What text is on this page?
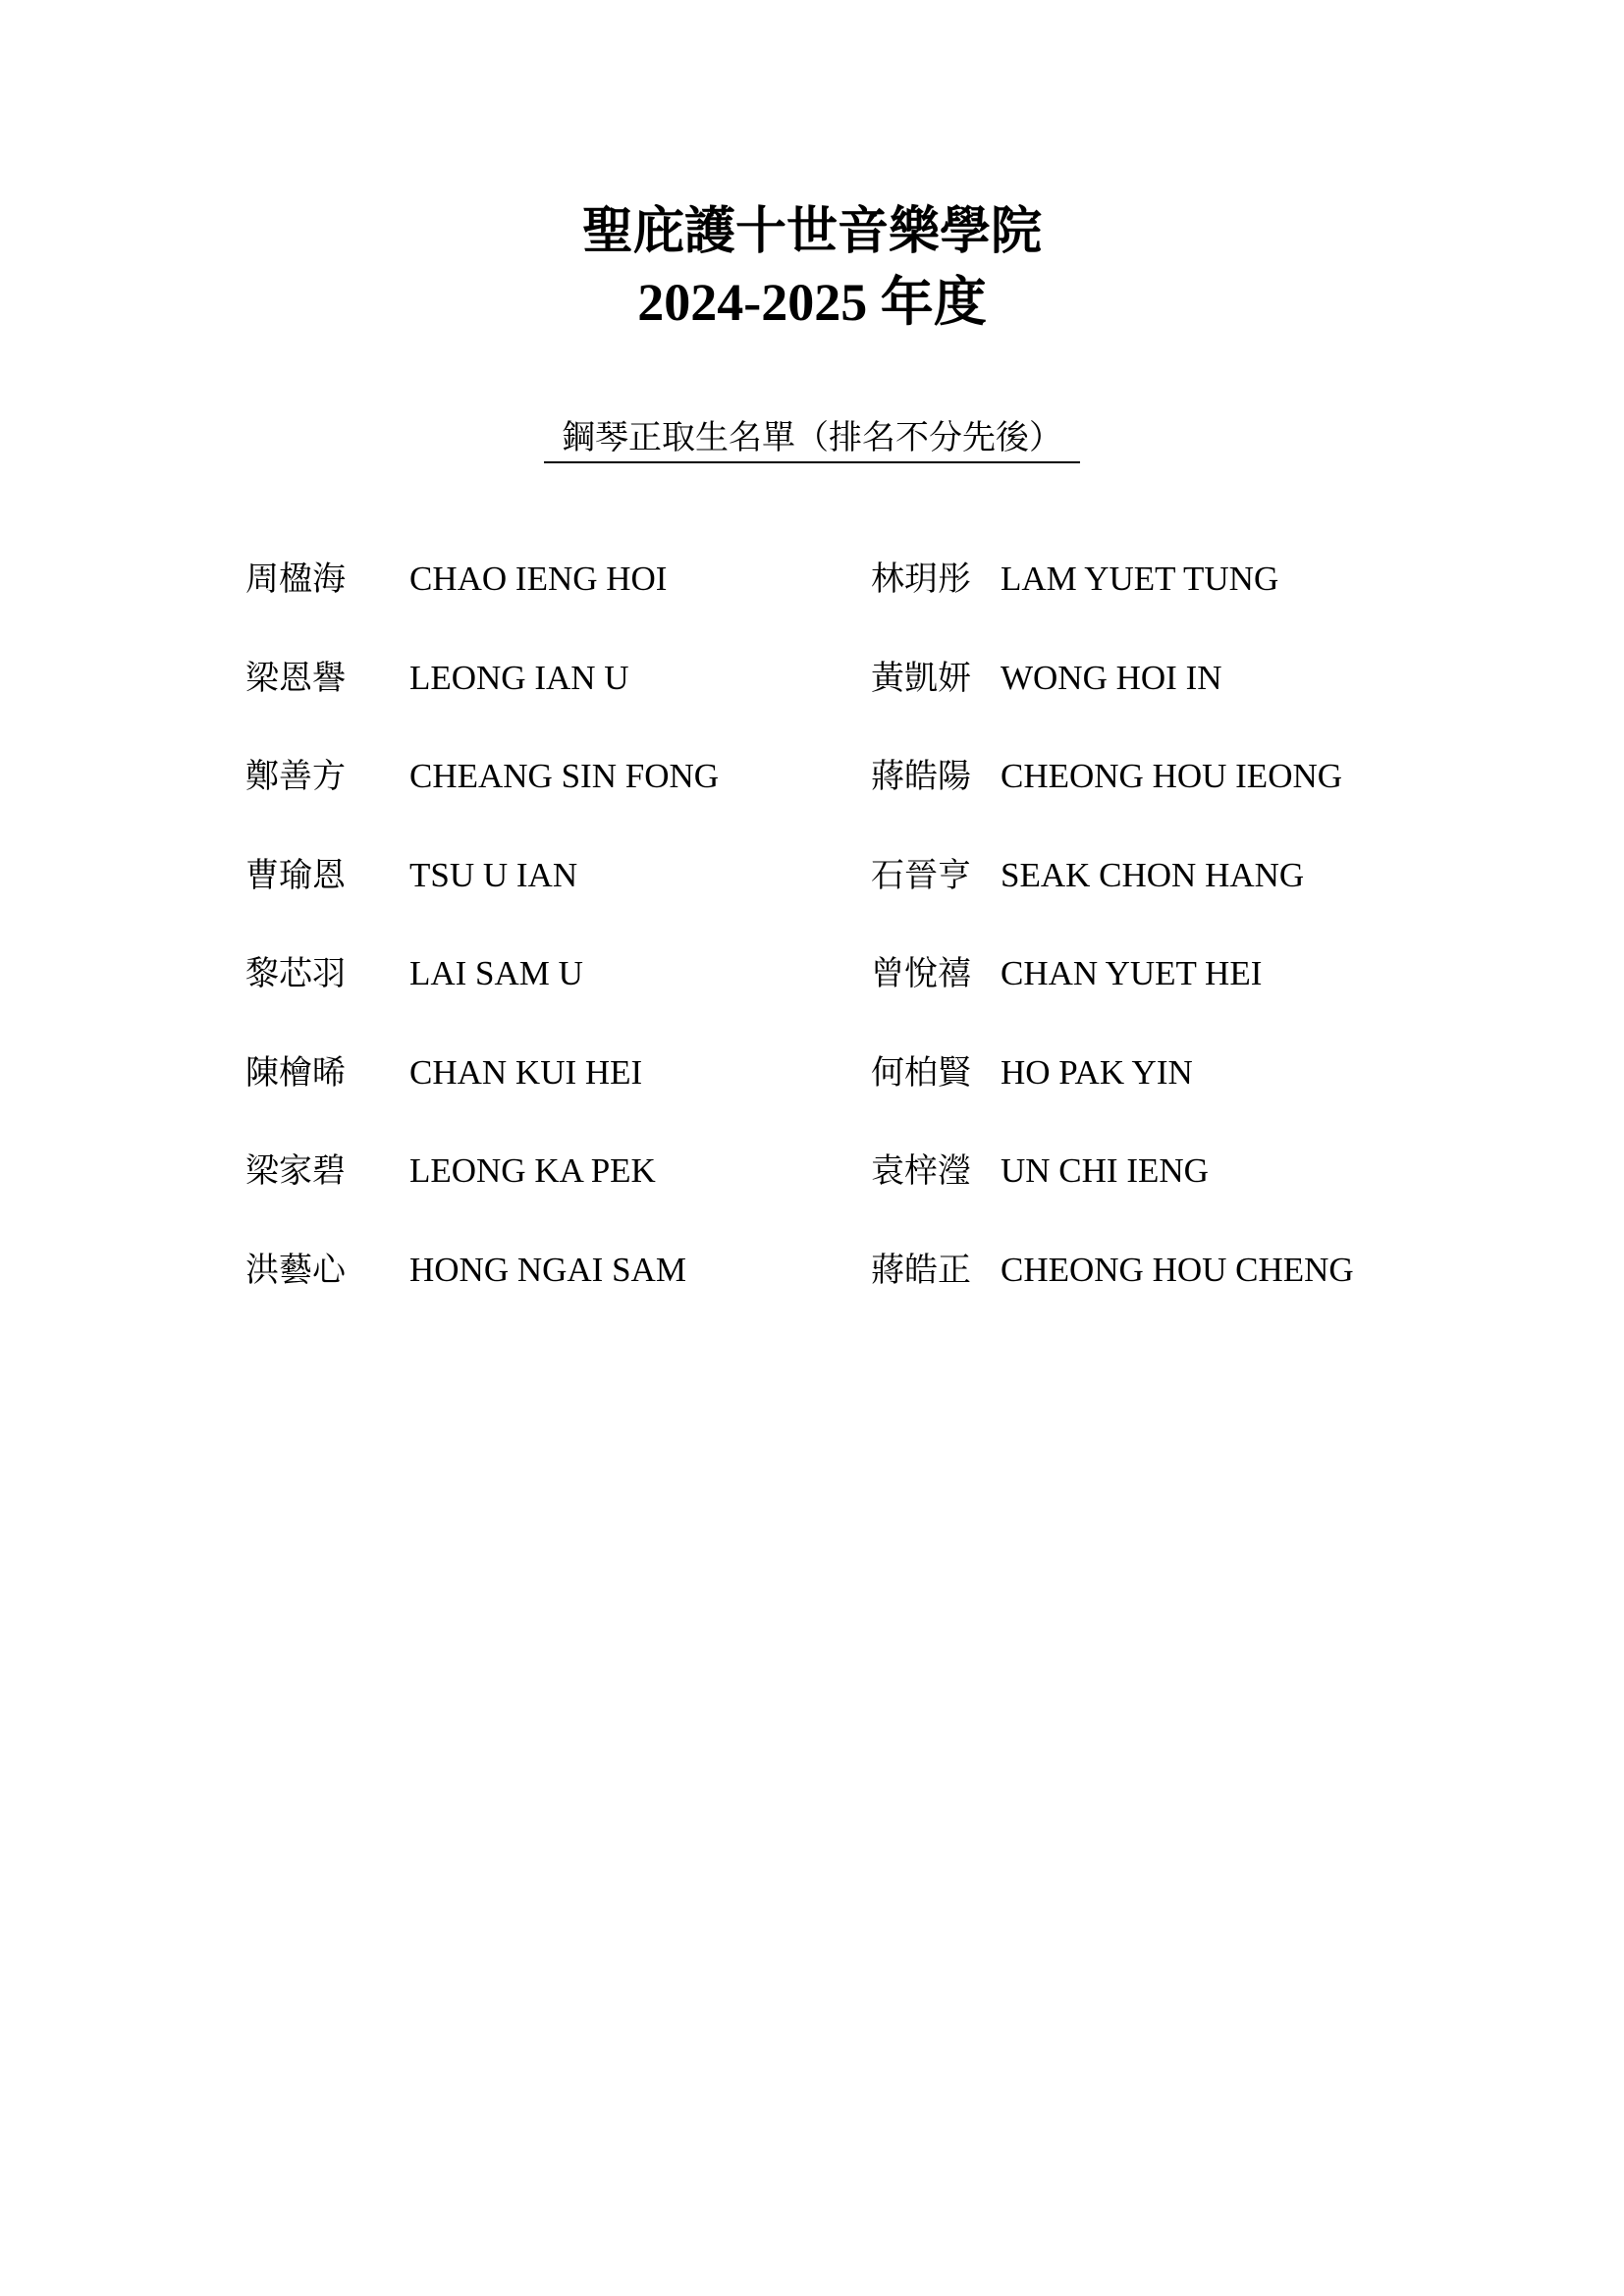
聖庇護十世音樂學院
2024-2025 年度
鋼琴正取生名單（排名不分先後）
周楹海 CHAO IENG HOI
梁恩譽 LEONG IAN U
鄭善方 CHEANG SIN FONG
曹瑜恩 TSU U IAN
黎芯羽 LAI SAM U
陳檜晞 CHAN KUI HEI
梁家碧 LEONG KA PEK
洪藝心 HONG NGAI SAM
林玥彤 LAM YUET TUNG
黃凱妍 WONG HOI IN
蔣皓陽 CHEONG HOU IEONG
石晉亨 SEAK CHON HANG
曾悅禧 CHAN YUET HEI
何柏賢 HO PAK YIN
袁梓瀅 UN CHI IENG
蔣皓正 CHEONG HOU CHENG
